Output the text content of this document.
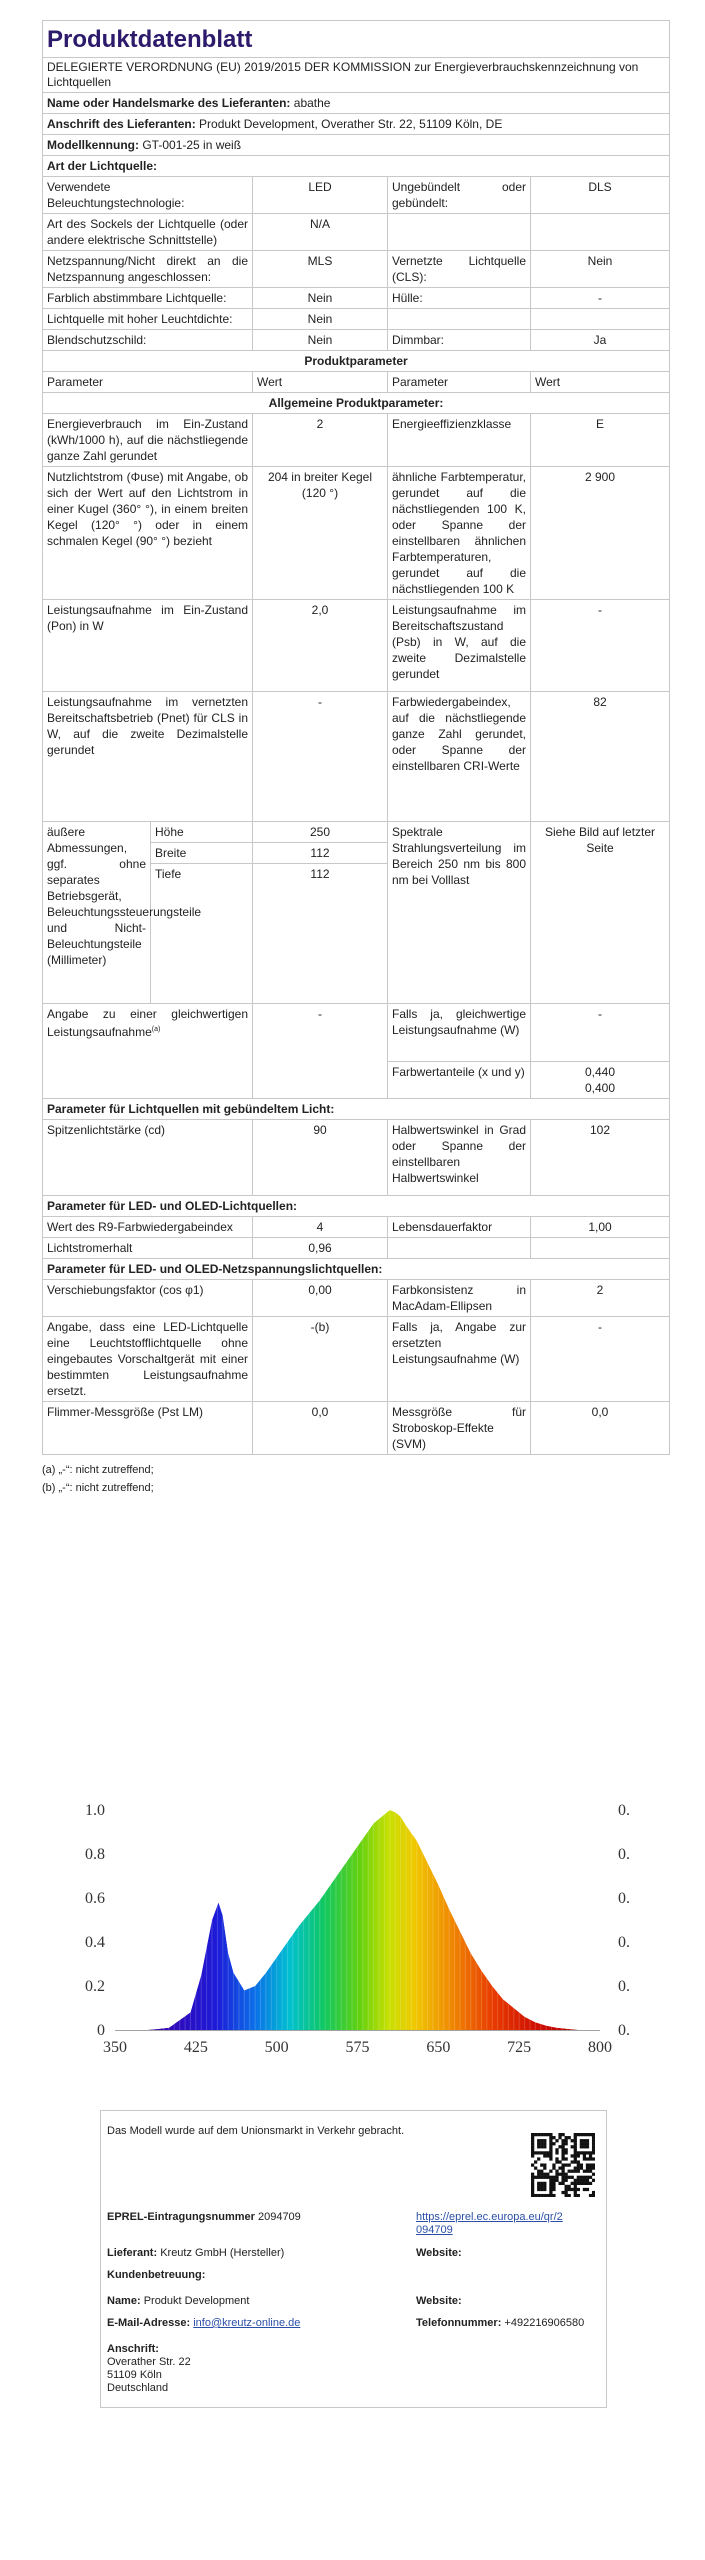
Produktdatenblatt				
DELEGIERTE VERORDNUNG (EU) 2019/2015 DER KOMMISSION zur Energieverbrauchskennzeichnung von Lichtquellen				
Name oder Handelsmarke des Lieferanten: abathe				
Anschrift des Lieferanten: Produkt Development, Overather Str. 22, 51109 Köln, DE				
Modellkennung: GT-001-25 in weiß				
Art der Lichtquelle:				
Verwendete Beleuchtungstechnologie:		LED	Ungebündelt oder gebündelt:	DLS
Art des Sockels der Lichtquelle (oder andere elektrische Schnittstelle)		N/A		
Netzspannung/Nicht direkt an die Netzspannung angeschlossen:		MLS	Vernetzte Lichtquelle (CLS):	Nein
Farblich abstimmbare Lichtquelle:		Nein	Hülle:	-
Lichtquelle mit hoher Leuchtdichte:		Nein		
Blendschutzschild:		Nein	Dimmbar:	Ja
Produktparameter				
Parameter		Wert	Parameter	Wert
Allgemeine Produktparameter:				
Energieverbrauch im Ein-Zustand (kWh/1000 h), auf die nächstliegende ganze Zahl gerundet		2	Energieeffizienzklasse	E
Nutzlichtstrom (Φuse) mit Angabe, ob sich der Wert auf den Lichtstrom in einer Kugel (360° °), in einem breiten Kegel (120° °) oder in einem schmalen Kegel (90° °) bezieht		204 in breiter Kegel (120 °)	ähnliche Farbtemperatur, gerundet auf die nächstliegenden 100 K, oder Spanne der einstellbaren ähnlichen Farbtemperaturen, gerundet auf die nächstliegenden 100 K	2 900
Leistungsaufnahme im Ein-Zustand (Pon) in W		2,0	Leistungsaufnahme im Bereitschaftszustand (Psb) in W, auf die zweite Dezimalstelle gerundet	-
Leistungsaufnahme im vernetzten Bereitschaftsbetrieb (Pnet) für CLS in W, auf die zweite Dezimalstelle gerundet		-	Farbwiedergabeindex, auf die nächstliegende ganze Zahl gerundet, oder Spanne der einstellbaren CRI-Werte	82
äußere Abmessungen, ggf. ohne separates Betriebsgerät, Beleuchtungssteuerungsteile und Nicht-Beleuchtungsteile (Millimeter)	Höhe	250	Spektrale Strahlungsverteilung im Bereich 250 nm bis 800 nm bei Volllast	Siehe Bild auf letzter Seite
	Breite	112		
	Tiefe	112		
Angabe zu einer gleichwertigen Leistungsaufnahme$^{(a)}$		-	Falls ja, gleichwertige Leistungsaufnahme (W)	-
			Farbwertanteile (x und y)	0,440
0,400
Parameter für Lichtquellen mit gebündeltem Licht:				
Spitzenlichtstärke (cd)		90	Halbwertswinkel in Grad oder Spanne der einstellbaren Halbwertswinkel	102
Parameter für LED- und OLED-Lichtquellen:				
Wert des R9-Farbwiedergabeindex		4	Lebensdauerfaktor	1,00
Lichtstromerhalt		0,96		
Parameter für LED- und OLED-Netzspannungslichtquellen:				
Verschiebungsfaktor (cos φ1)		0,00	Farbkonsistenz in MacAdam-Ellipsen	2
Angabe, dass eine LED-Lichtquelle eine Leuchtstofflichtquelle ohne eingebautes Vorschaltgerät mit einer bestimmten Leistungsaufnahme ersetzt.		-(b)	Falls ja, Angabe zur ersetzten Leistungsaufnahme (W)	-
Flimmer-Messgröße (Pst LM)		0,0	Messgröße für Stroboskop-Effekte (SVM)	0,0
(a) „-“: nicht zutreffend;
(b) „-“: nicht zutreffend;
0
0.2
0.4
0.6
0.8
1.0
350	425	500	575	650	725	800
0.
0.
0.
0.
0.
0.
Das Modell wurde auf dem Unionsmarkt in Verkehr gebracht.
EPREL-Eintragungsnummer 2094709	https://eprel.ec.europa.eu/qr/2094709
Lieferant: Kreutz GmbH (Hersteller)	Website:
Kundenbetreuung:
Name: Produkt Development	Website:
E-Mail-Adresse: info@kreutz-online.de	Telefonnummer: +492216906580
Anschrift:
Overather Str. 22
51109 Köln
Deutschland
